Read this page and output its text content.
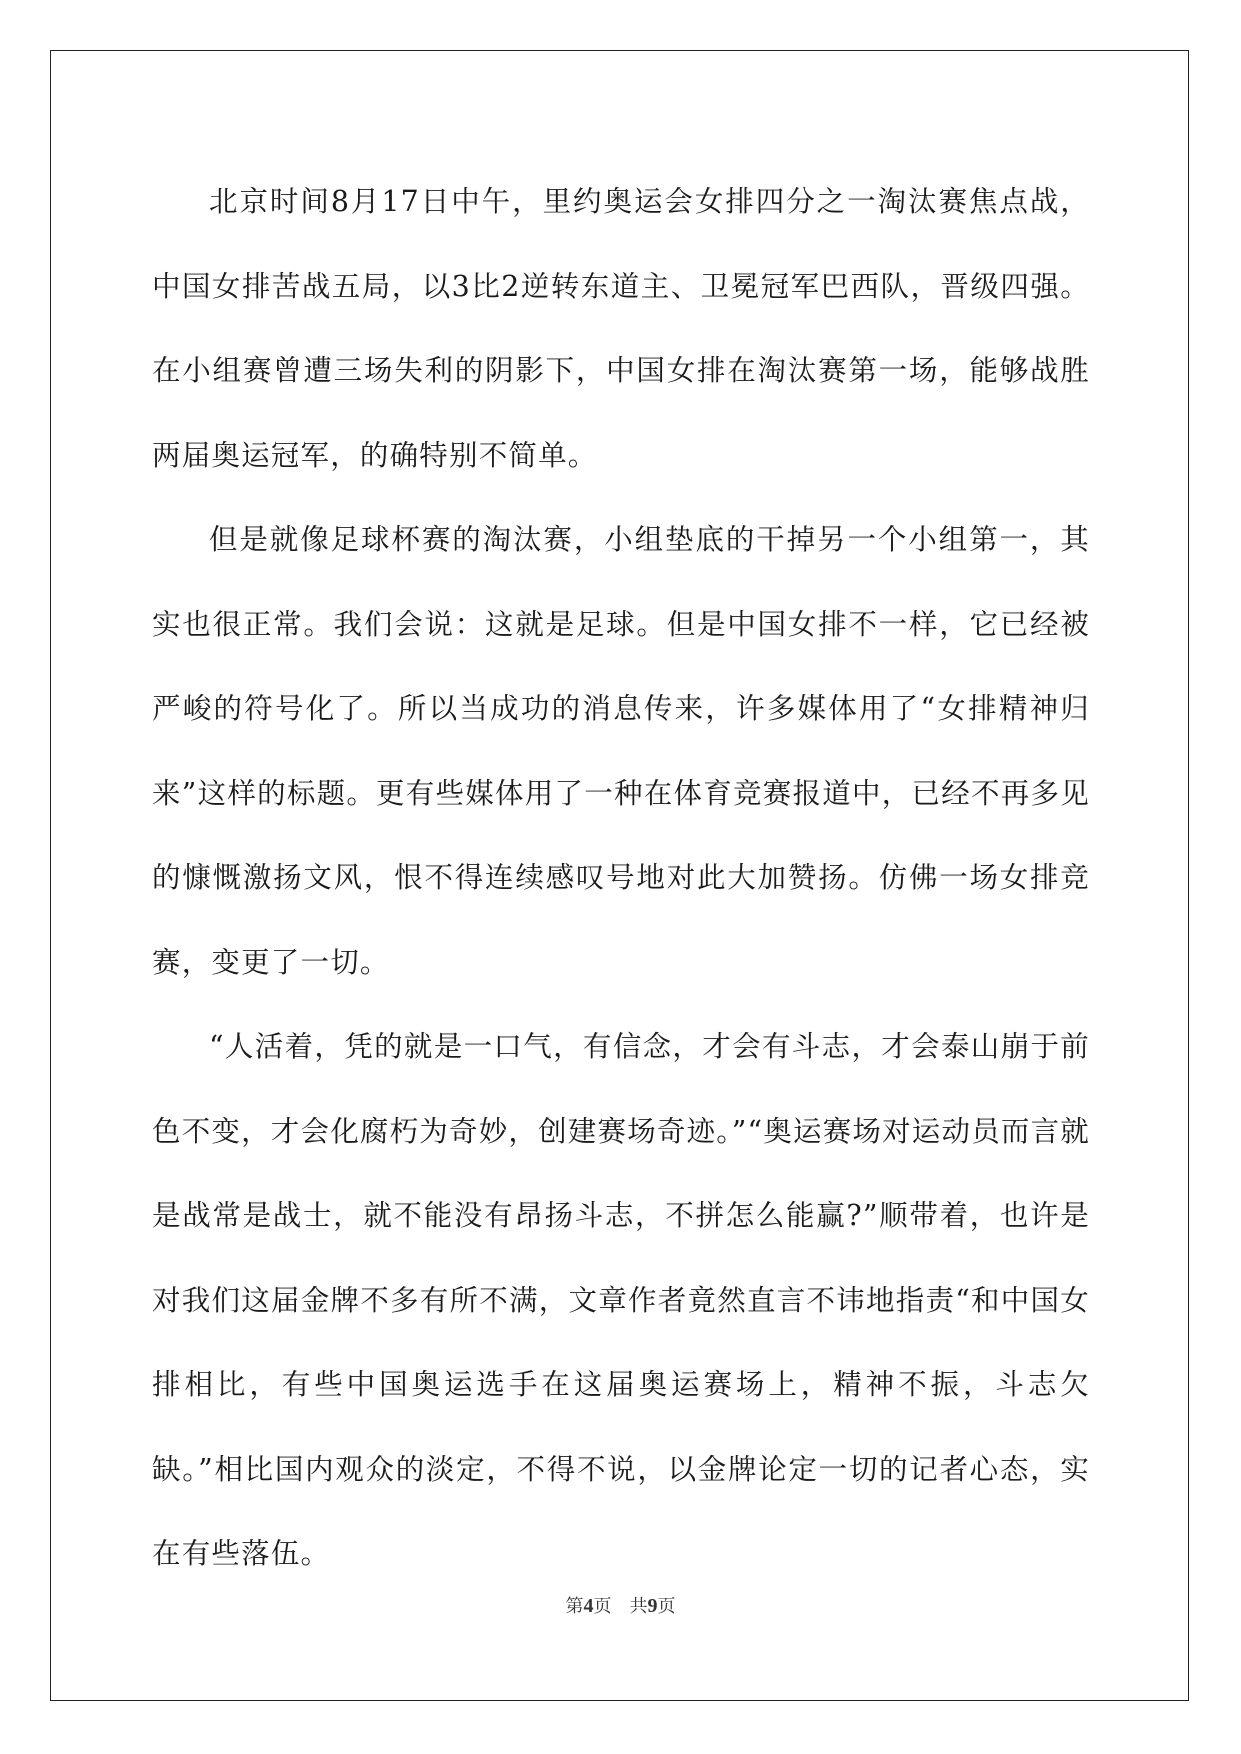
北京时间8月17日中午，里约奥运会女排四分之一淘汰赛焦点战，中国女排苦战五局，以3比2逆转东道主、卫冕冠军巴西队，晋级四强。在小组赛曾遭三场失利的阴影下，中国女排在淘汰赛第一场，能够战胜两届奥运冠军，的确特别不简单。

但是就像足球杯赛的淘汰赛，小组垫底的干掉另一个小组第一，其实也很正常。我们会说：这就是足球。但是中国女排不一样，它已经被严峻的符号化了。所以当成功的消息传来，许多媒体用了“女排精神归来”这样的标题。更有些媒体用了一种在体育竞赛报道中，已经不再多见的慷慨激扬文风，恨不得连续感叹号地对此大加赞扬。仿佛一场女排竞赛，变更了一切。

“人活着，凭的就是一口气，有信念，才会有斗志，才会泰山崩于前色不变，才会化腐朽为奇妙，创建赛场奇迹。”“奥运赛场对运动员而言就是战常是战士，就不能没有昂扬斗志，不拼怎么能赢?”顺带着，也许是对我们这届金牌不多有所不满，文章作者竟然直言不讳地指责“和中国女排相比，有些中国奥运选手在这届奥运赛场上，精神不振，斗志欠缺。”相比国内观众的淡定，不得不说，以金牌论定一切的记者心态，实在有些落伍。

第4页 共9页
